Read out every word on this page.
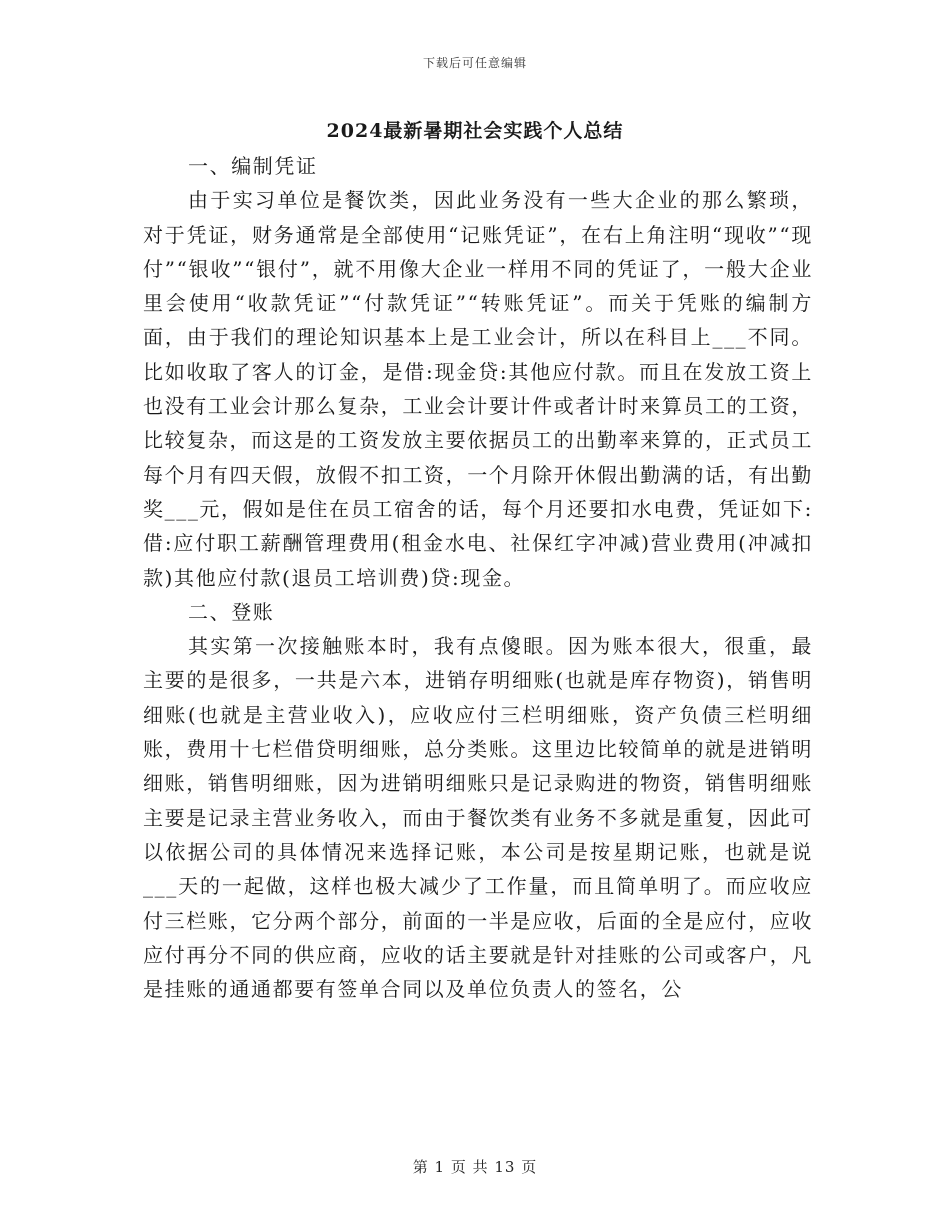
下载后可任意编辑
2024最新暑期社会实践个人总结

一、编制凭证

由于实习单位是餐饮类，因此业务没有一些大企业的那么繁琐，对于凭证，财务通常是全部使用“记账凭证”，在右上角注明“现收”“现付”“银收”“银付”，就不用像大企业一样用不同的凭证了，一般大企业里会使用“收款凭证”“付款凭证”“转账凭证”。而关于凭账的编制方面，由于我们的理论知识基本上是工业会计，所以在科目上___不同。比如收取了客人的订金，是借:现金贷:其他应付款。而且在发放工资上也没有工业会计那么复杂，工业会计要计件或者计时来算员工的工资，比较复杂，而这是的工资发放主要依据员工的出勤率来算的，正式员工每个月有四天假，放假不扣工资，一个月除开休假出勤满的话，有出勤奖___元，假如是住在员工宿舍的话，每个月还要扣水电费，凭证如下:借:应付职工薪酬管理费用(租金水电、社保红字冲减)营业费用(冲减扣款)其他应付款(退员工培训费)贷:现金。

二、登账

其实第一次接触账本时，我有点傻眼。因为账本很大，很重，最主要的是很多，一共是六本，进销存明细账(也就是库存物资)，销售明细账(也就是主营业收入)，应收应付三栏明细账，资产负债三栏明细账，费用十七栏借贷明细账，总分类账。这里边比较简单的就是进销明细账，销售明细账，因为进销明细账只是记录购进的物资，销售明细账主要是记录主营业务收入，而由于餐饮类有业务不多就是重复，因此可以依据公司的具体情况来选择记账，本公司是按星期记账，也就是说___天的一起做，这样也极大减少了工作量，而且简单明了。而应收应付三栏账，它分两个部分，前面的一半是应收，后面的全是应付，应收应付再分不同的供应商，应收的话主要就是针对挂账的公司或客户，凡是挂账的通通都要有签单合同以及单位负责人的签名，公

第 1 页 共 13 页
